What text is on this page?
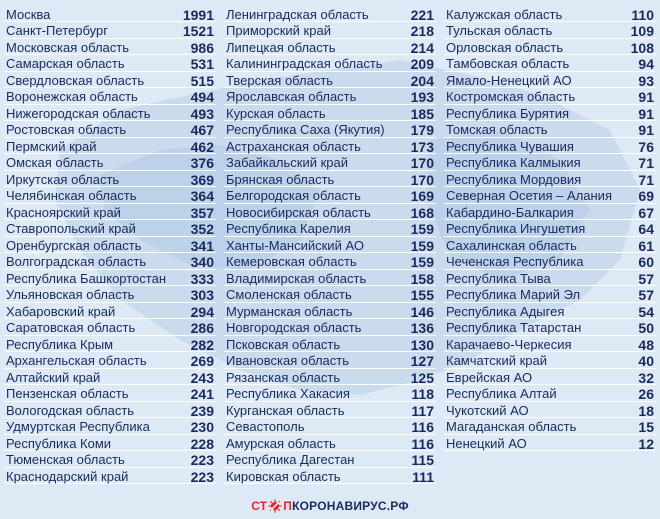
Москва	1991
Санкт-Петербург	1521
Московская область	986
Самарская область	531
Свердловская область	515
Воронежская область	494
Нижегородская область	493
Ростовская область	467
Пермский край	462
Омская область	376
Иркутская область	369
Челябинская область	364
Красноярский край	357
Ставропольский край	352
Оренбургская область	341
Волгоградская область	340
Республика Башкортостан 333
Ульяновская область	303
Хабаровский край	294
Саратовская область	286
Республика Крым	282
Архангельская область	269
Алтайский край	243
Пензенская область	241
Вологодская область	239
Удмуртская Республика	230
Республика Коми	228
Тюменская область	223
Краснодарский край	223
Ленинградская область	221
Приморский край	218
Липецкая область	214
Калининградская область 209
Тверская область	204
Ярославская область	193
Курская область	185
Республика Саха (Якутия) 179
Астраханская область	173
Забайкальский край	170
Брянская область	170
Белгородская область	169
Новосибирская область	168
Республика Карелия	159
Ханты-Мансийский АО	159
Кемеровская область	159
Владимирская область	158
Смоленская область	155
Мурманская область	146
Новгородская область	136
Псковская область	130
Ивановская область	127
Рязанская область	125
Республика Хакасия	118
Курганская область	117
Севастополь	116
Амурская область	116
Республика Дагестан	115
Кировская область	111
Калужская область	110
Тульская область	109
Орловская область	108
Тамбовская область	94
Ямало-Ненецкий АО	93
Костромская область	91
Республика Бурятия	91
Томская область	91
Республика Чувашия	76
Республика Калмыкия	71
Республика Мордовия	71
Северная Осетия – Алания 69
Кабардино-Балкария	67
Республика Ингушетия	64
Сахалинская область	61
Чеченская Республика	60
Республика Тыва	57
Республика Марий Эл	57
Республика Адыгея	54
Республика Татарстан	50
Карачаево-Черкесия	48
Камчатский край	40
Еврейская АО	32
Республика Алтай	26
Чукотский АО	18
Магаданская область	15
Ненецкий АО	12
СТ П КОРОНАВИРУС.РФ
